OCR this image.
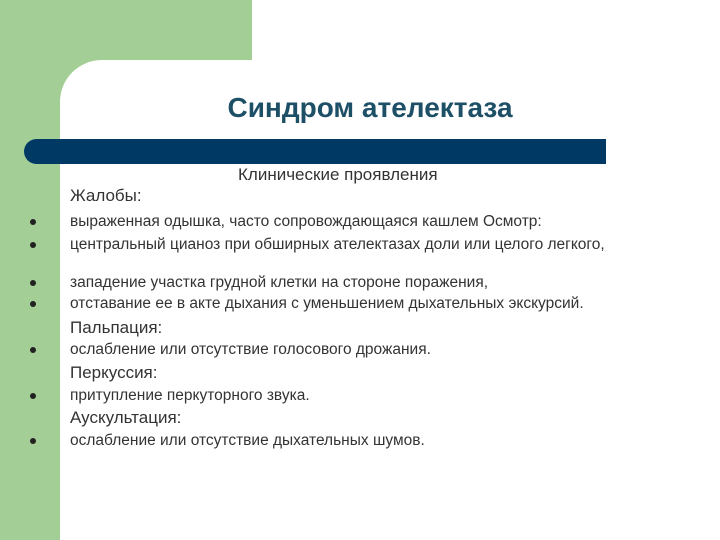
Синдром ателектаза

Клинические проявления

Жалобы:

выраженная одышка, часто сопровождающаяся кашлем Осмотр:
центральный цианоз при обширных ателектазах доли или целого легкого,
западение участка грудной клетки на стороне поражения,
отставание ее в акте дыхания с уменьшением дыхательных экскурсий.

Пальпация:

ослабление или отсутствие голосового дрожания.

Перкуссия:

притупление перкуторного звука.

Аускультация:

ослабление или отсутствие дыхательных шумов.
